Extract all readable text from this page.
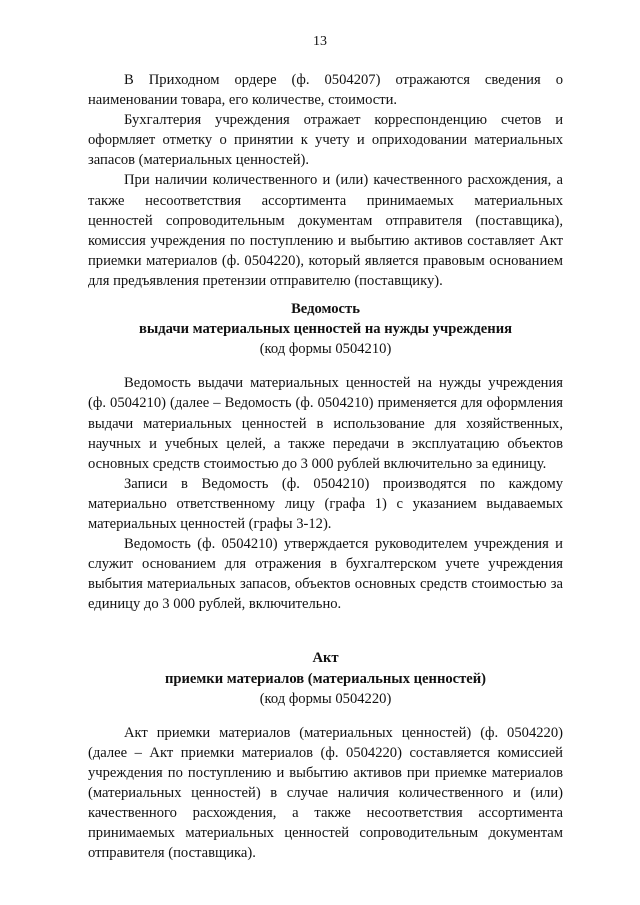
13

В Приходном ордере (ф. 0504207) отражаются сведения о наименовании товара, его количестве, стоимости.

Бухгалтерия учреждения отражает корреспонденцию счетов и оформляет отметку о принятии к учету и оприходовании материальных запасов (материальных ценностей).

При наличии количественного и (или) качественного расхождения, а также несоответствия ассортимента принимаемых материальных ценностей сопроводительным документам отправителя (поставщика), комиссия учреждения по поступлению и выбытию активов составляет Акт приемки материалов (ф. 0504220), который является правовым основанием для предъявления претензии отправителю (поставщику).

Ведомость
выдачи материальных ценностей на нужды учреждения
(код формы 0504210)

Ведомость выдачи материальных ценностей на нужды учреждения (ф. 0504210) (далее – Ведомость (ф. 0504210) применяется для оформления выдачи материальных ценностей в использование для хозяйственных, научных и учебных целей, а также передачи в эксплуатацию объектов основных средств стоимостью до 3 000 рублей включительно за единицу.

Записи в Ведомость (ф. 0504210) производятся по каждому материально ответственному лицу (графа 1) с указанием выдаваемых материальных ценностей (графы 3-12).

Ведомость (ф. 0504210) утверждается руководителем учреждения и служит основанием для отражения в бухгалтерском учете учреждения выбытия материальных запасов, объектов основных средств стоимостью за единицу до 3 000 рублей, включительно.

Акт
приемки материалов (материальных ценностей)
(код формы 0504220)

Акт приемки материалов (материальных ценностей) (ф. 0504220) (далее – Акт приемки материалов (ф. 0504220) составляется комиссией учреждения по поступлению и выбытию активов при приемке материалов (материальных ценностей) в случае наличия количественного и (или) качественного расхождения, а также несоответствия ассортимента принимаемых материальных ценностей сопроводительным документам отправителя (поставщика).
